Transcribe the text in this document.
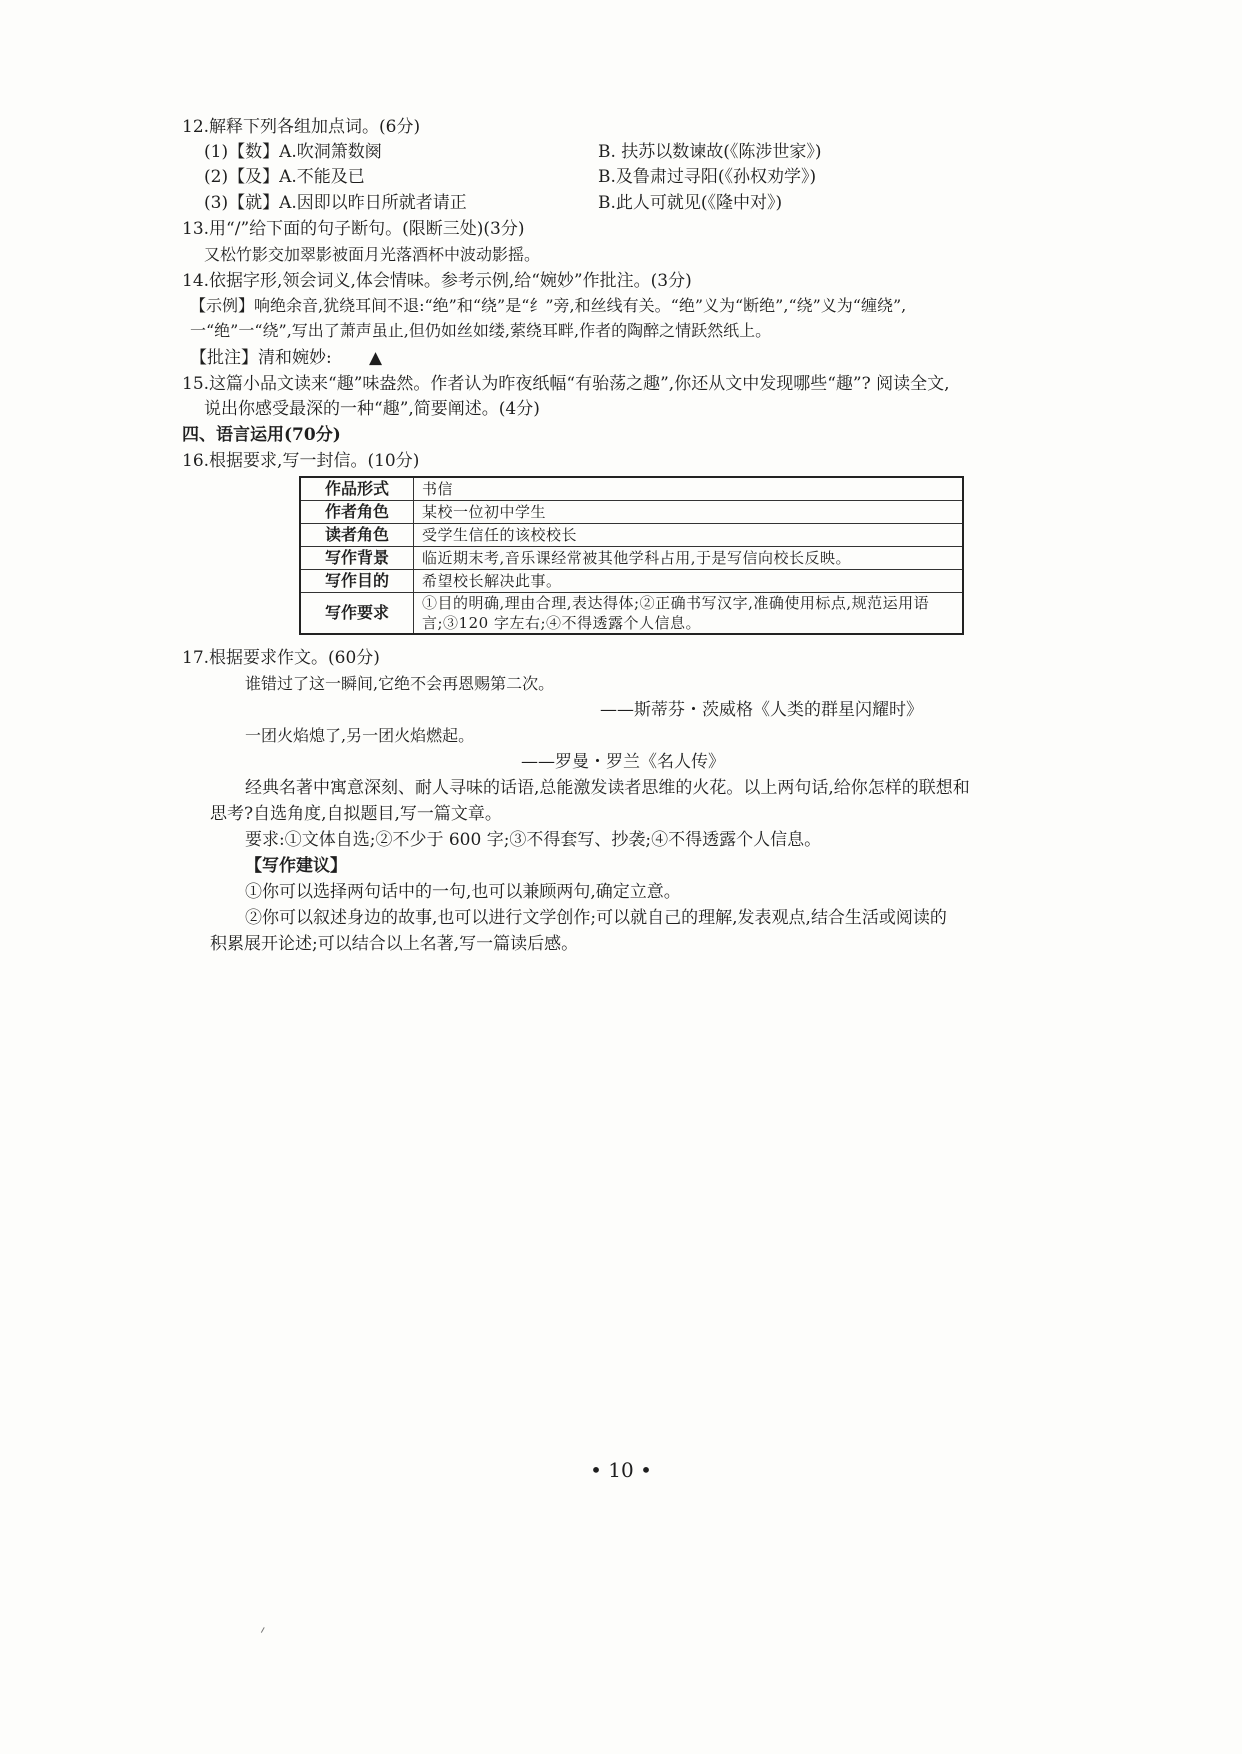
12.解释下列各组加点词。(6分)
(1)【数】A.吹洞箫数阕	B. 扶苏以数谏故(《陈涉世家》)
(2)【及】A.不能及已	B.及鲁肃过寻阳(《孙权劝学》)
(3)【就】A.因即以昨日所就者请正	B.此人可就见(《隆中对》)
13.用“/”给下面的句子断句。(限断三处)(3分)
又松竹影交加翠影被面月光落酒杯中波动影摇。
14.依据字形,领会词义,体会情味。参考示例,给“婉妙”作批注。(3分)
【示例】响绝余音,犹绕耳间不退:“绝”和“绕”是“纟”旁,和丝线有关。“绝”义为“断绝”,“绕”义为“缠绕”,
一“绝”一“绕”,写出了萧声虽止,但仍如丝如缕,萦绕耳畔,作者的陶醉之情跃然纸上。
【批注】清和婉妙: ▲
15.这篇小品文读来“趣”味盎然。作者认为昨夜纸幅“有骀荡之趣”,你还从文中发现哪些“趣”? 阅读全文,
说出你感受最深的一种“趣”,简要阐述。(4分)
四、语言运用(70分)
16.根据要求,写一封信。(10分)
作品形式	书信
作者角色	某校一位初中学生
读者角色	受学生信任的该校校长
写作背景	临近期末考,音乐课经常被其他学科占用,于是写信向校长反映。
写作目的	希望校长解决此事。
写作要求	①目的明确,理由合理,表达得体;②正确书写汉字,准确使用标点,规范运用语言;③120 字左右;④不得透露个人信息。
17.根据要求作文。(60分)
谁错过了这一瞬间,它绝不会再恩赐第二次。
——斯蒂芬・茨威格《人类的群星闪耀时》
一团火焰熄了,另一团火焰燃起。
——罗曼・罗兰《名人传》
经典名著中寓意深刻、耐人寻味的话语,总能激发读者思维的火花。以上两句话,给你怎样的联想和
思考?自选角度,自拟题目,写一篇文章。
要求:①文体自选;②不少于 600 字;③不得套写、抄袭;④不得透露个人信息。
【写作建议】
①你可以选择两句话中的一句,也可以兼顾两句,确定立意。
②你可以叙述身边的故事,也可以进行文学创作;可以就自己的理解,发表观点,结合生活或阅读的
积累展开论述;可以结合以上名著,写一篇读后感。
• 10 •
